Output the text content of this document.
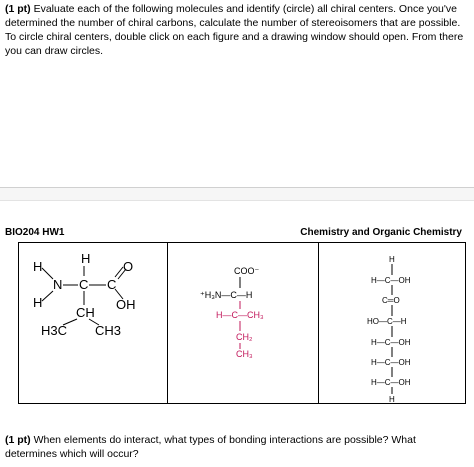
(1 pt) Evaluate each of the following molecules and identify (circle) all chiral centers. Once you've determined the number of chiral carbons, calculate the number of stereoisomers that are possible. To circle chiral centers, double click on each figure and a drawing window should open. From there you can draw circles.

BIO204 HW1	Chemistry and Organic Chemistry
H
H
N C C
O
OH
H
CH
H3C CH3
COO⁻
⁺H₃N—C—H
H—C—CH₃
CH₂
CH₃
H
H—C—OH
C═O
HO—C—H
H—C—OH
H—C—OH
H—C—OH
H

(1 pt) When elements do interact, what types of bonding interactions are possible? What determines which will occur?
